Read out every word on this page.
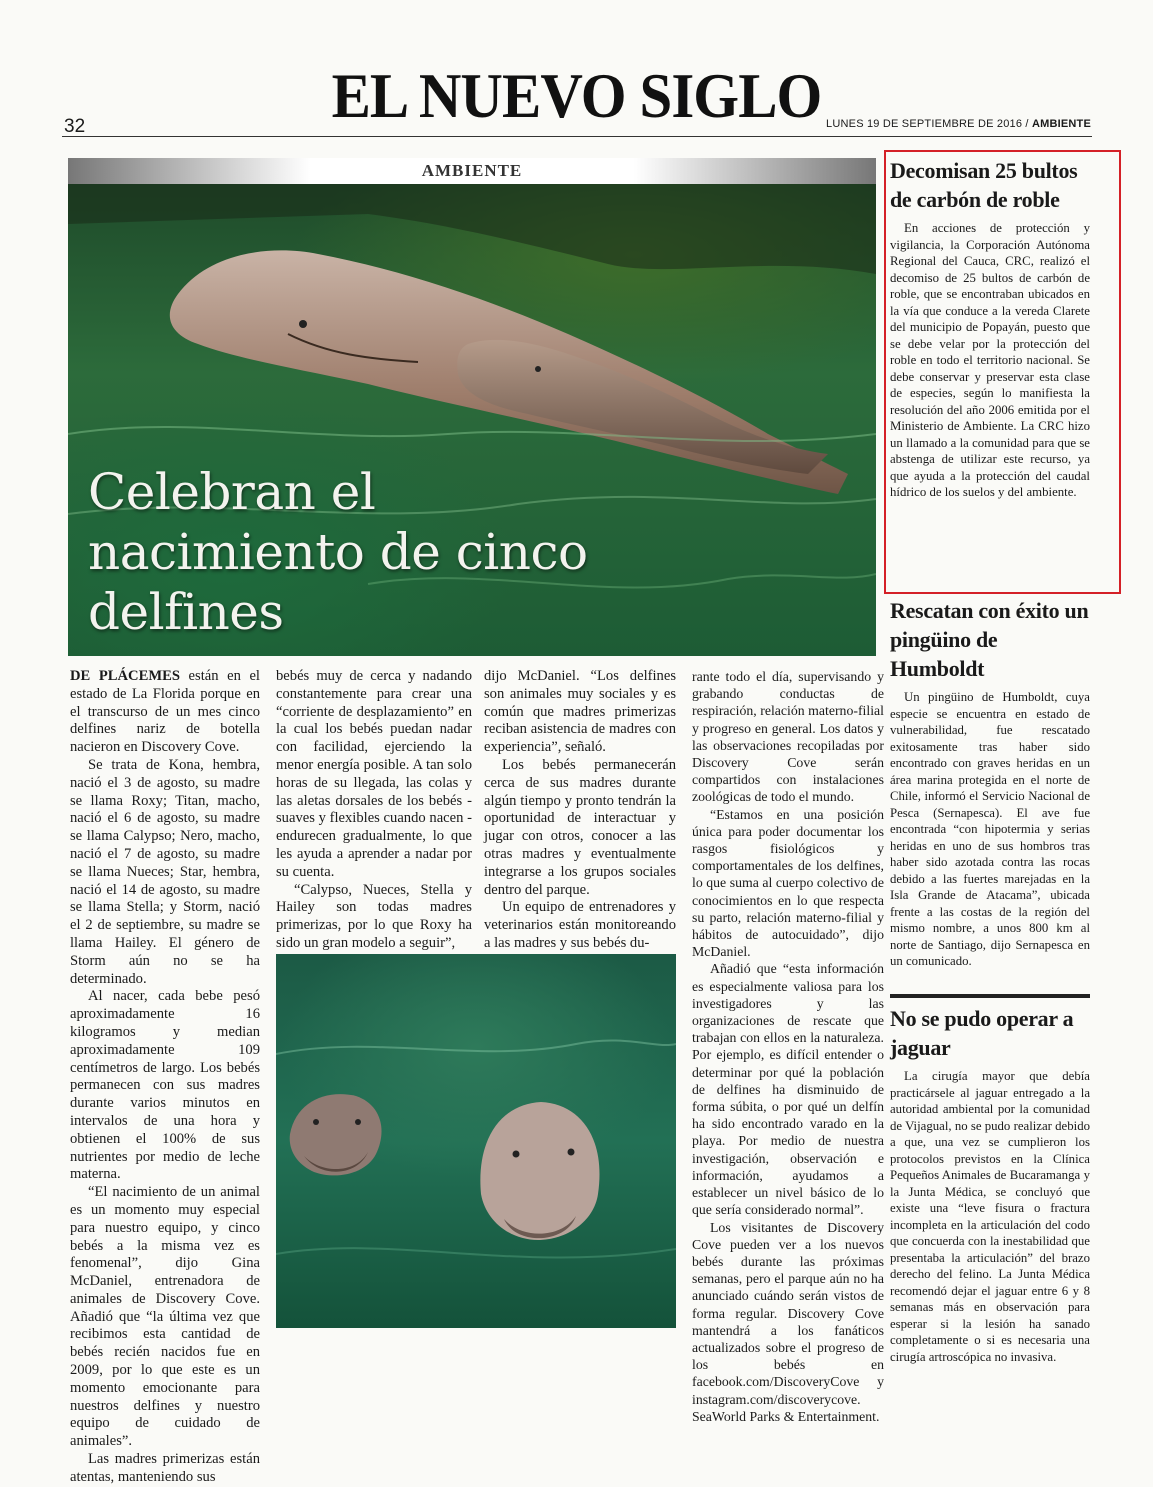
EL NUEVO SIGLO
32	LUNES 19 DE SEPTIEMBRE DE 2016 / AMBIENTE
AMBIENTE
Celebran el nacimiento de cinco delfines

DE PLÁCEMES están en el estado de La Florida porque en el transcurso de un mes cinco delfines nariz de botella nacieron en Discovery Cove.

Se trata de Kona, hembra, nació el 3 de agosto, su madre se llama Roxy; Titan, macho, nació el 6 de agosto, su madre se llama Calypso; Nero, macho, nació el 7 de agosto, su madre se llama Nueces; Star, hembra, nació el 14 de agosto, su madre se llama Stella; y Storm, nació el 2 de septiembre, su madre se llama Hailey. El género de Storm aún no se ha determinado.

Al nacer, cada bebe pesó aproximadamente 16 kilogramos y median aproximadamente 109 centímetros de largo. Los bebés permanecen con sus madres durante varios minutos en intervalos de una hora y obtienen el 100% de sus nutrientes por medio de leche materna.

“El nacimiento de un animal es un momento muy especial para nuestro equipo, y cinco bebés a la misma vez es fenomenal”, dijo Gina McDaniel, entrenadora de animales de Discovery Cove. Añadió que “la última vez que recibimos esta cantidad de bebés recién nacidos fue en 2009, por lo que este es un momento emocionante para nuestros delfines y nuestro equipo de cuidado de animales”.

Las madres primerizas están atentas, manteniendo sus

bebés muy de cerca y nadando constantemente para crear una “corriente de desplazamiento” en la cual los bebés puedan nadar con facilidad, ejerciendo la menor energía posible. A tan solo horas de su llegada, las colas y las aletas dorsales de los bebés - suaves y flexibles cuando nacen - endurecen gradualmente, lo que les ayuda a aprender a nadar por su cuenta.

“Calypso, Nueces, Stella y Hailey son todas madres primerizas, por lo que Roxy ha sido un gran modelo a seguir”,

dijo McDaniel. “Los delfines son animales muy sociales y es común que madres primerizas reciban asistencia de madres con experiencia”, señaló.

Los bebés permanecerán cerca de sus madres durante algún tiempo y pronto tendrán la oportunidad de interactuar y jugar con otros, conocer a las otras madres y eventualmente integrarse a los grupos sociales dentro del parque.

Un equipo de entrenadores y veterinarios están monitoreando a las madres y sus bebés du-

rante todo el día, supervisando y grabando conductas de respiración, relación materno-filial y progreso en general. Los datos y las observaciones recopiladas por Discovery Cove serán compartidos con instalaciones zoológicas de todo el mundo.

“Estamos en una posición única para poder documentar los rasgos fisiológicos y comportamentales de los delfines, lo que suma al cuerpo colectivo de conocimientos en lo que respecta su parto, relación materno-filial y hábitos de autocuidado”, dijo McDaniel.

Añadió que “esta información es especialmente valiosa para los investigadores y las organizaciones de rescate que trabajan con ellos en la naturaleza. Por ejemplo, es difícil entender o determinar por qué la población de delfines ha disminuido de forma súbita, o por qué un delfín ha sido encontrado varado en la playa. Por medio de nuestra investigación, observación e información, ayudamos a establecer un nivel básico de lo que sería considerado normal”.

Los visitantes de Discovery Cove pueden ver a los nuevos bebés durante las próximas semanas, pero el parque aún no ha anunciado cuándo serán vistos de forma regular. Discovery Cove mantendrá a los fanáticos actualizados sobre el progreso de los bebés en facebook.com/DiscoveryCove y instagram.com/discoverycove. SeaWorld Parks & Entertainment.

Decomisan 25 bultos de carbón de roble

En acciones de protección y vigilancia, la Corporación Autónoma Regional del Cauca, CRC, realizó el decomiso de 25 bultos de carbón de roble, que se encontraban ubicados en la vía que conduce a la vereda Clarete del municipio de Popayán, puesto que se debe velar por la protección del roble en todo el territorio nacional. Se debe conservar y preservar esta clase de especies, según lo manifiesta la resolución del año 2006 emitida por el Ministerio de Ambiente. La CRC hizo un llamado a la comunidad para que se abstenga de utilizar este recurso, ya que ayuda a la protección del caudal hídrico de los suelos y del ambiente.

Rescatan con éxito un pingüino de Humboldt

Un pingüino de Humboldt, cuya especie se encuentra en estado de vulnerabilidad, fue rescatado exitosamente tras haber sido encontrado con graves heridas en un área marina protegida en el norte de Chile, informó el Servicio Nacional de Pesca (Sernapesca). El ave fue encontrada “con hipotermia y serias heridas en uno de sus hombros tras haber sido azotada contra las rocas debido a las fuertes marejadas en la Isla Grande de Atacama”, ubicada frente a las costas de la región del mismo nombre, a unos 800 km al norte de Santiago, dijo Sernapesca en un comunicado.

No se pudo operar a jaguar

La cirugía mayor que debía practicársele al jaguar entregado a la autoridad ambiental por la comunidad de Vijagual, no se pudo realizar debido a que, una vez se cumplieron los protocolos previstos en la Clínica Pequeños Animales de Bucaramanga y la Junta Médica, se concluyó que existe una “leve fisura o fractura incompleta en la articulación del codo que concuerda con la inestabilidad que presentaba la articulación” del brazo derecho del felino. La Junta Médica recomendó dejar el jaguar entre 6 y 8 semanas más en observación para esperar si la lesión ha sanado completamente o si es necesaria una cirugía artroscópica no invasiva.
